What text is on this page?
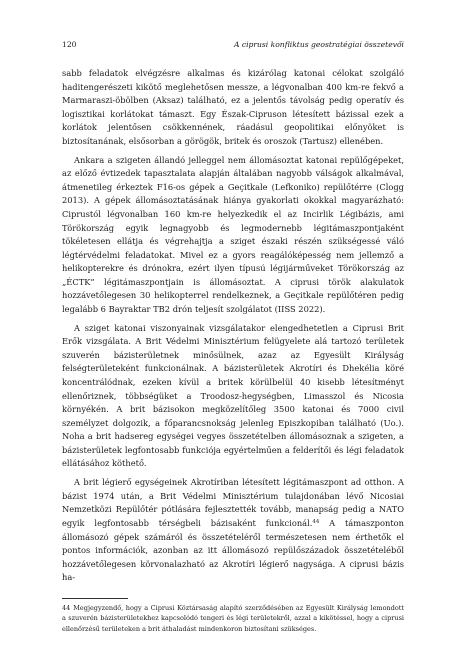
120	A ciprusi konfliktus geostratégiai összetevői

sabb feladatok elvégzésre alkalmas és kizárólag katonai célokat szolgáló haditengerészeti kikötő meglehetősen messze, a légvonalban 400 km-re fekvő a Marmaraszi-öbölben (Aksaz) található, ez a jelentős távolság pedig operatív és logisztikai korlátokat támaszt. Egy Észak-Cipruson létesített bázissal ezek a korlátok jelentősen csökkennének, ráadásul geopolitikai előnyöket is biztosítanának, elsősorban a görögök, britek és oroszok (Tartusz) ellenében.

Ankara a szigeten állandó jelleggel nem állomásoztat katonai repülőgépeket, az előző évtizedek tapasztalata alapján általában nagyobb válságok alkalmával, átmenetileg érkeztek F16-os gépek a Geçitkale (Lefkoniko) repülőtérre (Clogg 2013). A gépek állomásoztatásának hiánya gyakorlati okokkal magyarázható: Ciprustól légvonalban 160 km-re helyezkedik el az Incirlik Légibázis, ami Törökország egyik legnagyobb és legmodernebb légitámaszpontjaként tökéletesen ellátja és végrehajtja a sziget északi részén szükségessé váló légtérvédelmi feladatokat. Mivel ez a gyors reagálóképesség nem jellemző a helikopterekre és drónokra, ezért ilyen típusú légijárműveket Törökország az „ÉCTK” légitámaszpontjain is állomásoztat. A ciprusi török alakulatok hozzávetőlegesen 30 helikopterrel rendelkeznek, a Geçitkale repülőtéren pedig legalább 6 Bayraktar TB2 drón teljesít szolgálatot (IISS 2022).

A sziget katonai viszonyainak vizsgálatakor elengedhetetlen a Ciprusi Brit Erők vizsgálata. A Brit Védelmi Minisztérium felügyelete alá tartozó területek szuverén bázisterületnek minősülnek, azaz az Egyesült Királyság felségterületeként funkcionálnak. A bázisterületek Akrotíri és Dhekélia köré koncentrálódnak, ezeken kívül a britek körülbelül 40 kisebb létesítményt ellenőriznek, többségüket a Troodosz-hegységben, Limasszol és Nicosia környékén. A brit bázisokon megközelítőleg 3500 katonai és 7000 civil személyzet dolgozik, a főparancsnokság jelenleg Episzkopiban található (Uo.). Noha a brit hadsereg egységei vegyes összetételben állomásoznak a szigeten, a bázisterületek legfontosabb funkciója egyértelműen a felderítői és légi feladatok ellátásához köthető.

A brit légierő egységeinek Akrotíriban létesített légitámaszpont ad otthon. A bázist 1974 után, a Brit Védelmi Minisztérium tulajdonában lévő Nicosiai Nemzetközi Repülőtér pótlására fejlesztették tovább, manapság pedig a NATO egyik legfontosabb térségbeli bázisaként funkcionál.$^{44}$ A támaszponton állomásozó gépek számáról és összetételéről természetesen nem érthetők el pontos információk, azonban az itt állomásozó repülőszázadok összetételéből hozzávetőlegesen körvonalazható az Akrotíri légierő nagysága. A ciprusi bázis ha-

44 Megjegyzendő, hogy a Ciprusi Köztársaság alapító szerződésében az Egyesült Királyság lemondott a szuverén bázisterületekhez kapcsolódó tengeri és légi területekről, azzal a kikötéssel, hogy a ciprusi ellenőrzésű területeken a brit áthaladást mindenkoron biztosítani szükséges.
